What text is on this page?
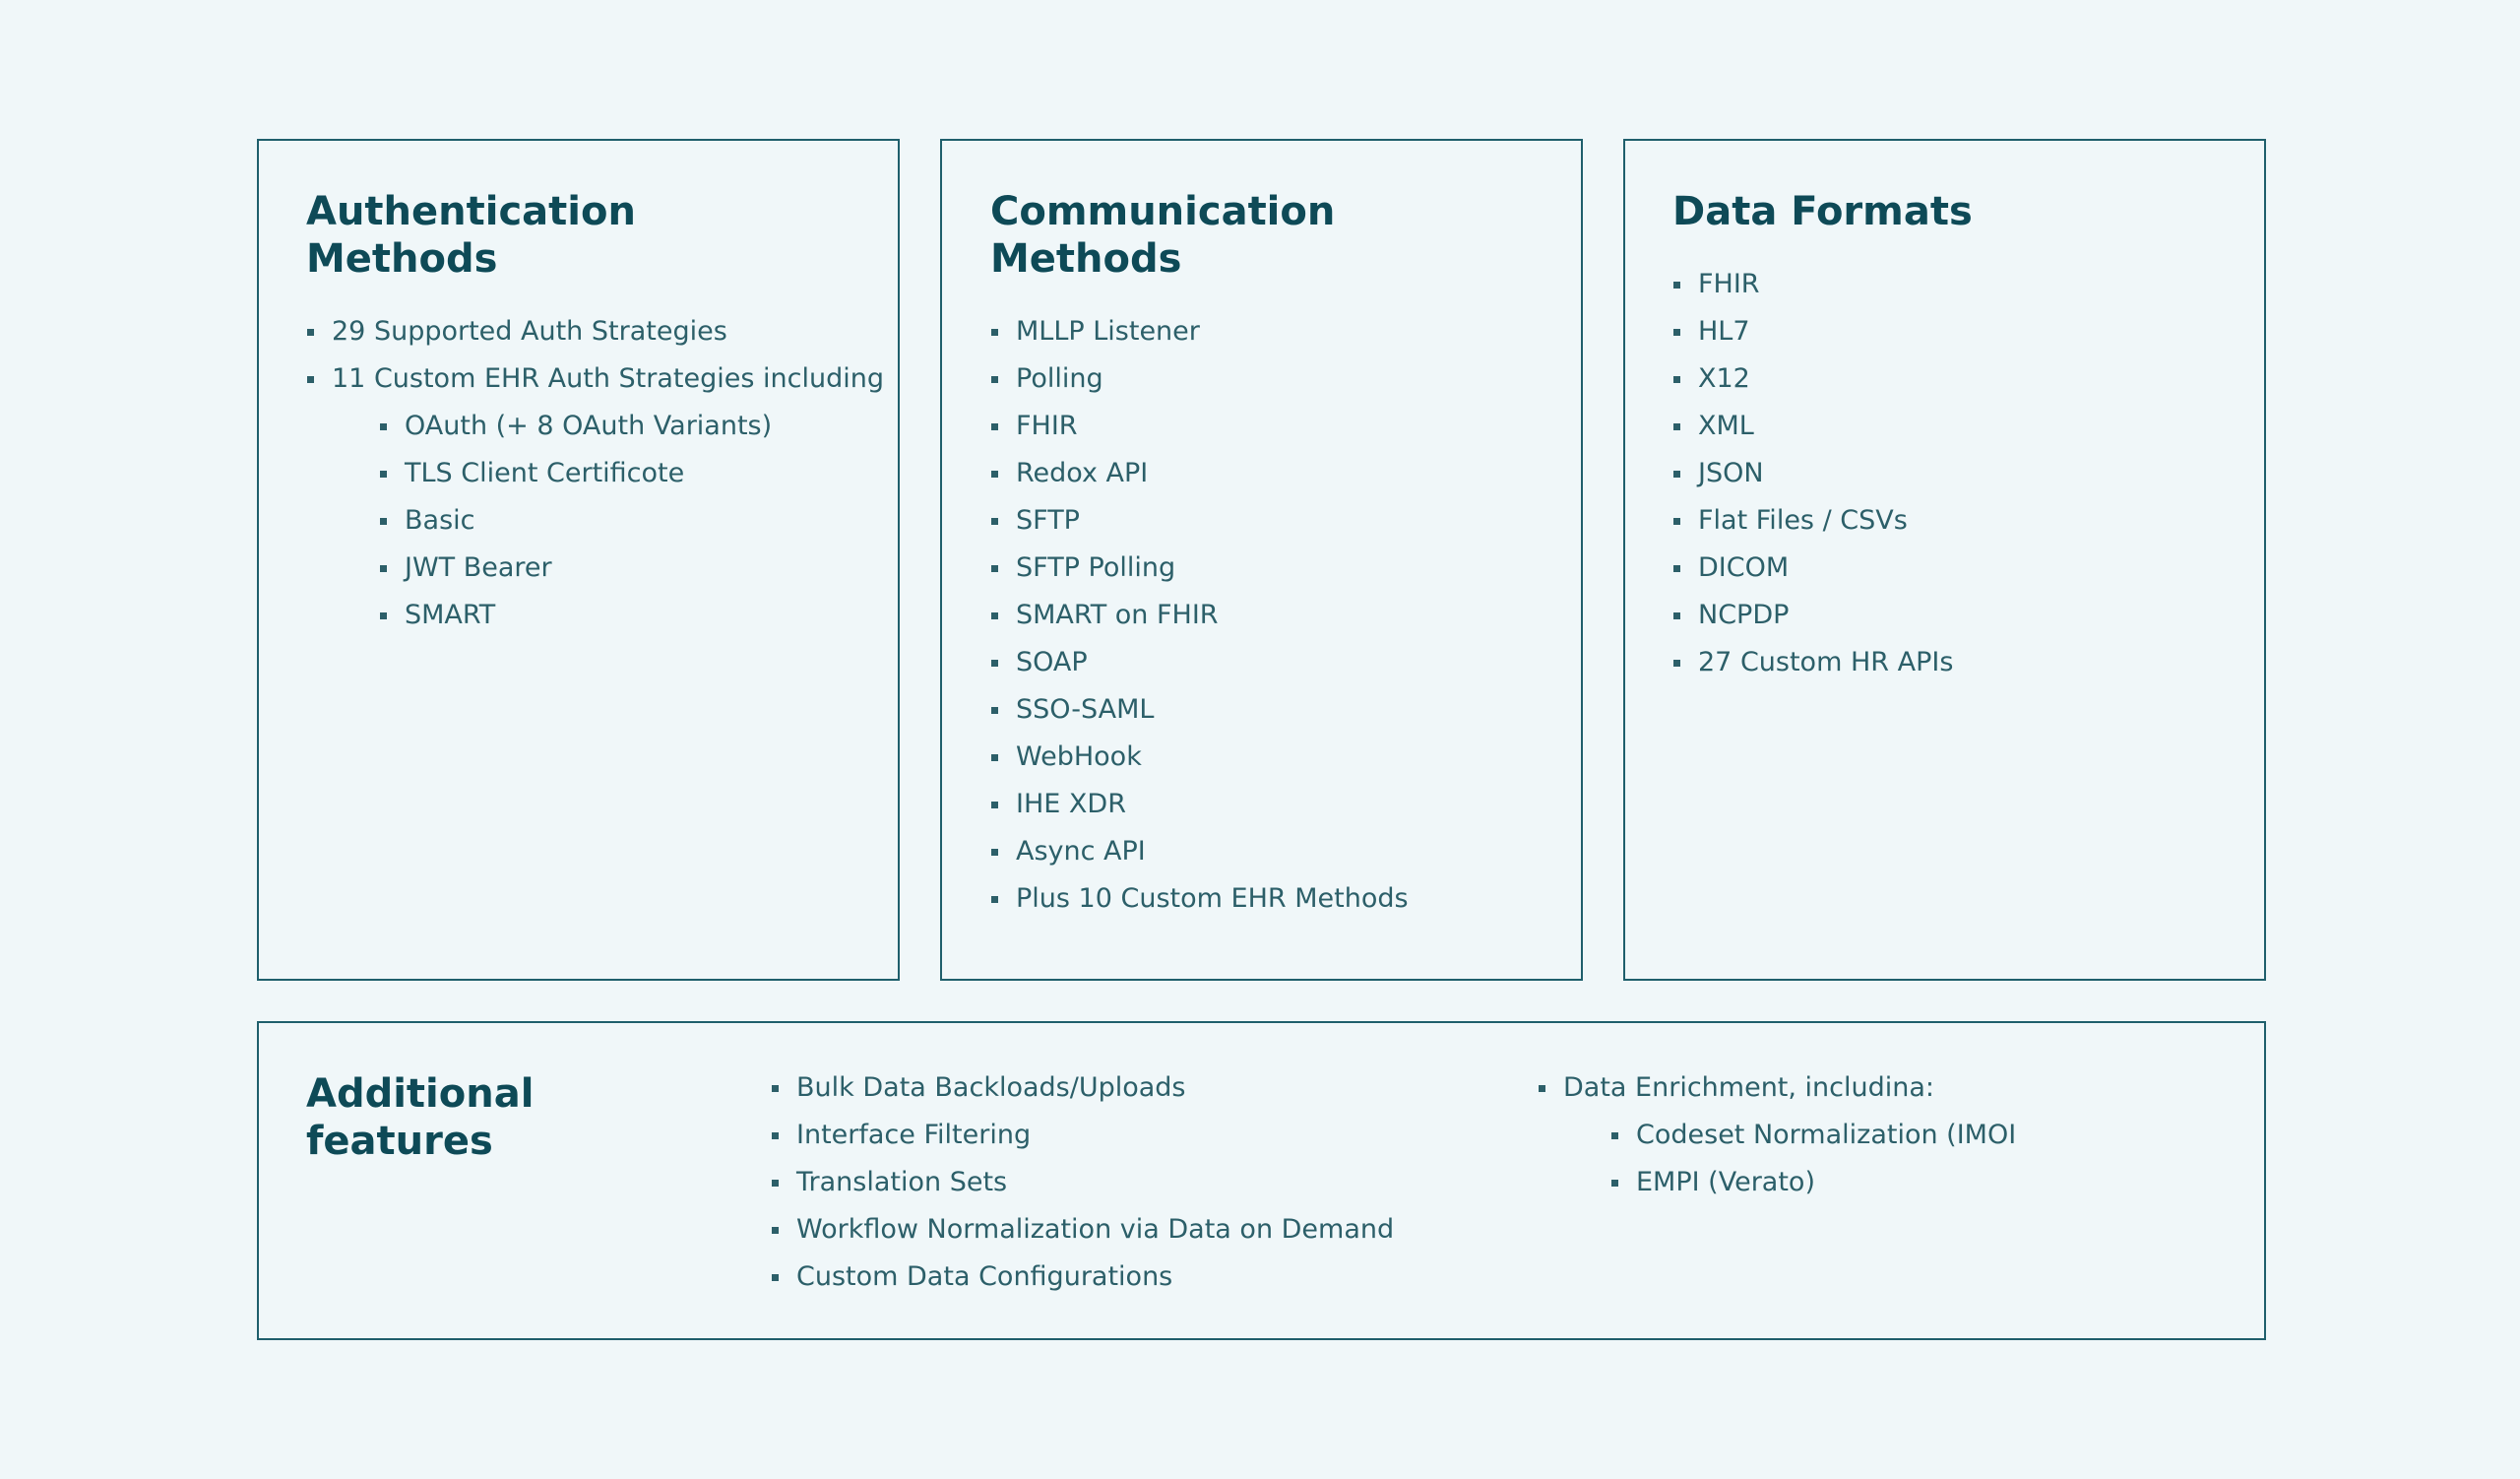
Authentication
Methods
29 Supported Auth Strategies
11 Custom EHR Auth Strategies including
OAuth (+ 8 OAuth Variants)
TLS Client Certificote
Basic
JWT Bearer
SMART
Communication
Methods
MLLP Listener
Polling
FHIR
Redox API
SFTP
SFTP Polling
SMART on FHIR
SOAP
SSO-SAML
WebHook
IHE XDR
Async API
Plus 10 Custom EHR Methods
Data Formats
FHIR
HL7
X12
XML
JSON
Flat Files / CSVs
DICOM
NCPDP
27 Custom HR APIs
Additional
features
Bulk Data Backloads/Uploads
Interface Filtering
Translation Sets
Workflow Normalization via Data on Demand
Custom Data Configurations
Data Enrichment, includina:
Codeset Normalization (IMOI
EMPI (Verato)
